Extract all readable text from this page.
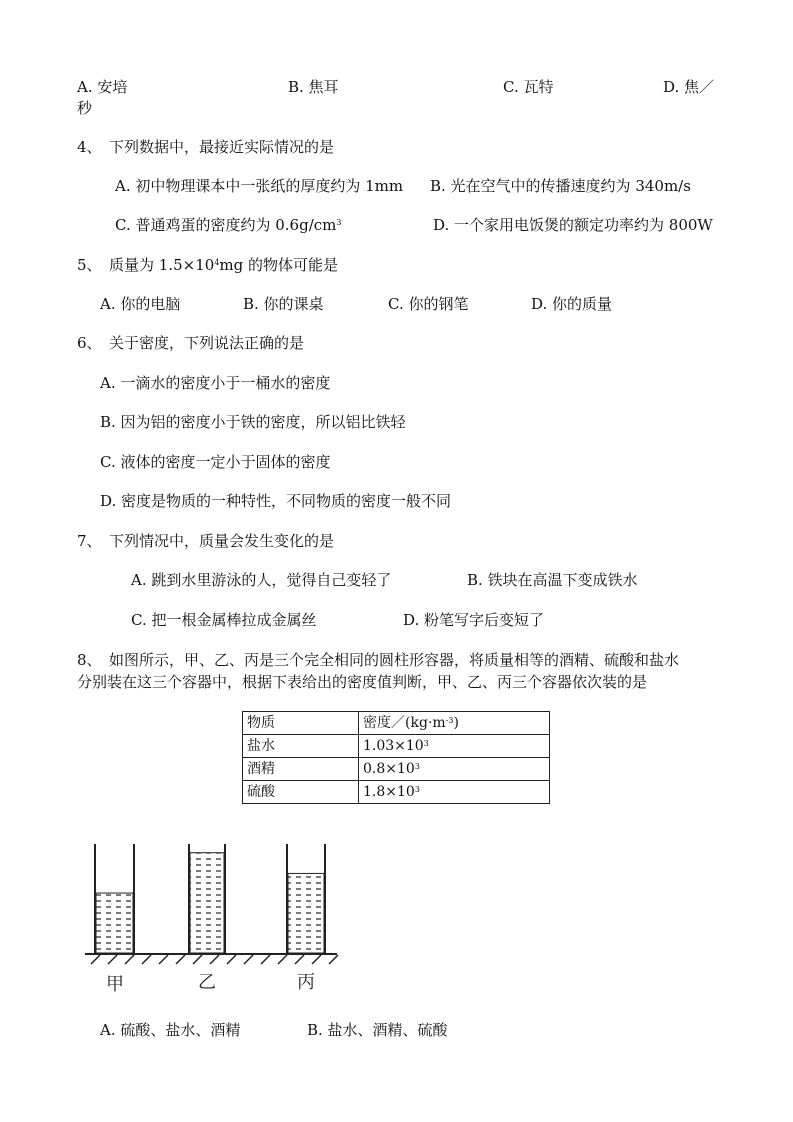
A. 安培	B. 焦耳	C. 瓦特	D. 焦／
秒
4、　下列数据中，最接近实际情况的是
A. 初中物理课本中一张纸的厚度约为 1mm B. 光在空气中的传播速度约为 340m/s
C. 普通鸡蛋的密度约为 $0.6g/cm^3$	D. 一个家用电饭煲的额定功率约为 800W
5、　质量为 $1.5\times 10^4mg$ 的物体可能是
A. 你的电脑	B. 你的课桌	C. 你的钢笔	D. 你的质量
6、　关于密度，下列说法正确的是
A. 一滴水的密度小于一桶水的密度
B. 因为铝的密度小于铁的密度，所以铝比铁轻
C. 液体的密度一定小于固体的密度
D. 密度是物质的一种特性，不同物质的密度一般不同
7、　下列情况中，质量会发生变化的是
A. 跳到水里游泳的人，觉得自己变轻了	B. 铁块在高温下变成铁水
C. 把一根金属棒拉成金属丝	D. 粉笔写字后变短了
8、　如图所示，甲、乙、丙是三个完全相同的圆柱形容器，将质量相等的酒精、硫酸和盐水
分别装在这三个容器中，根据下表给出的密度值判断，甲、乙、丙三个容器依次装的是
物质	密度$/(kg\cdot m^{-3})$
盐水	$1.03\times 10^3$
酒精	$0.8\times 10^3$
硫酸	$1.8\times 10^3$
甲	乙	丙
A. 硫酸、盐水、酒精	B. 盐水、酒精、硫酸
